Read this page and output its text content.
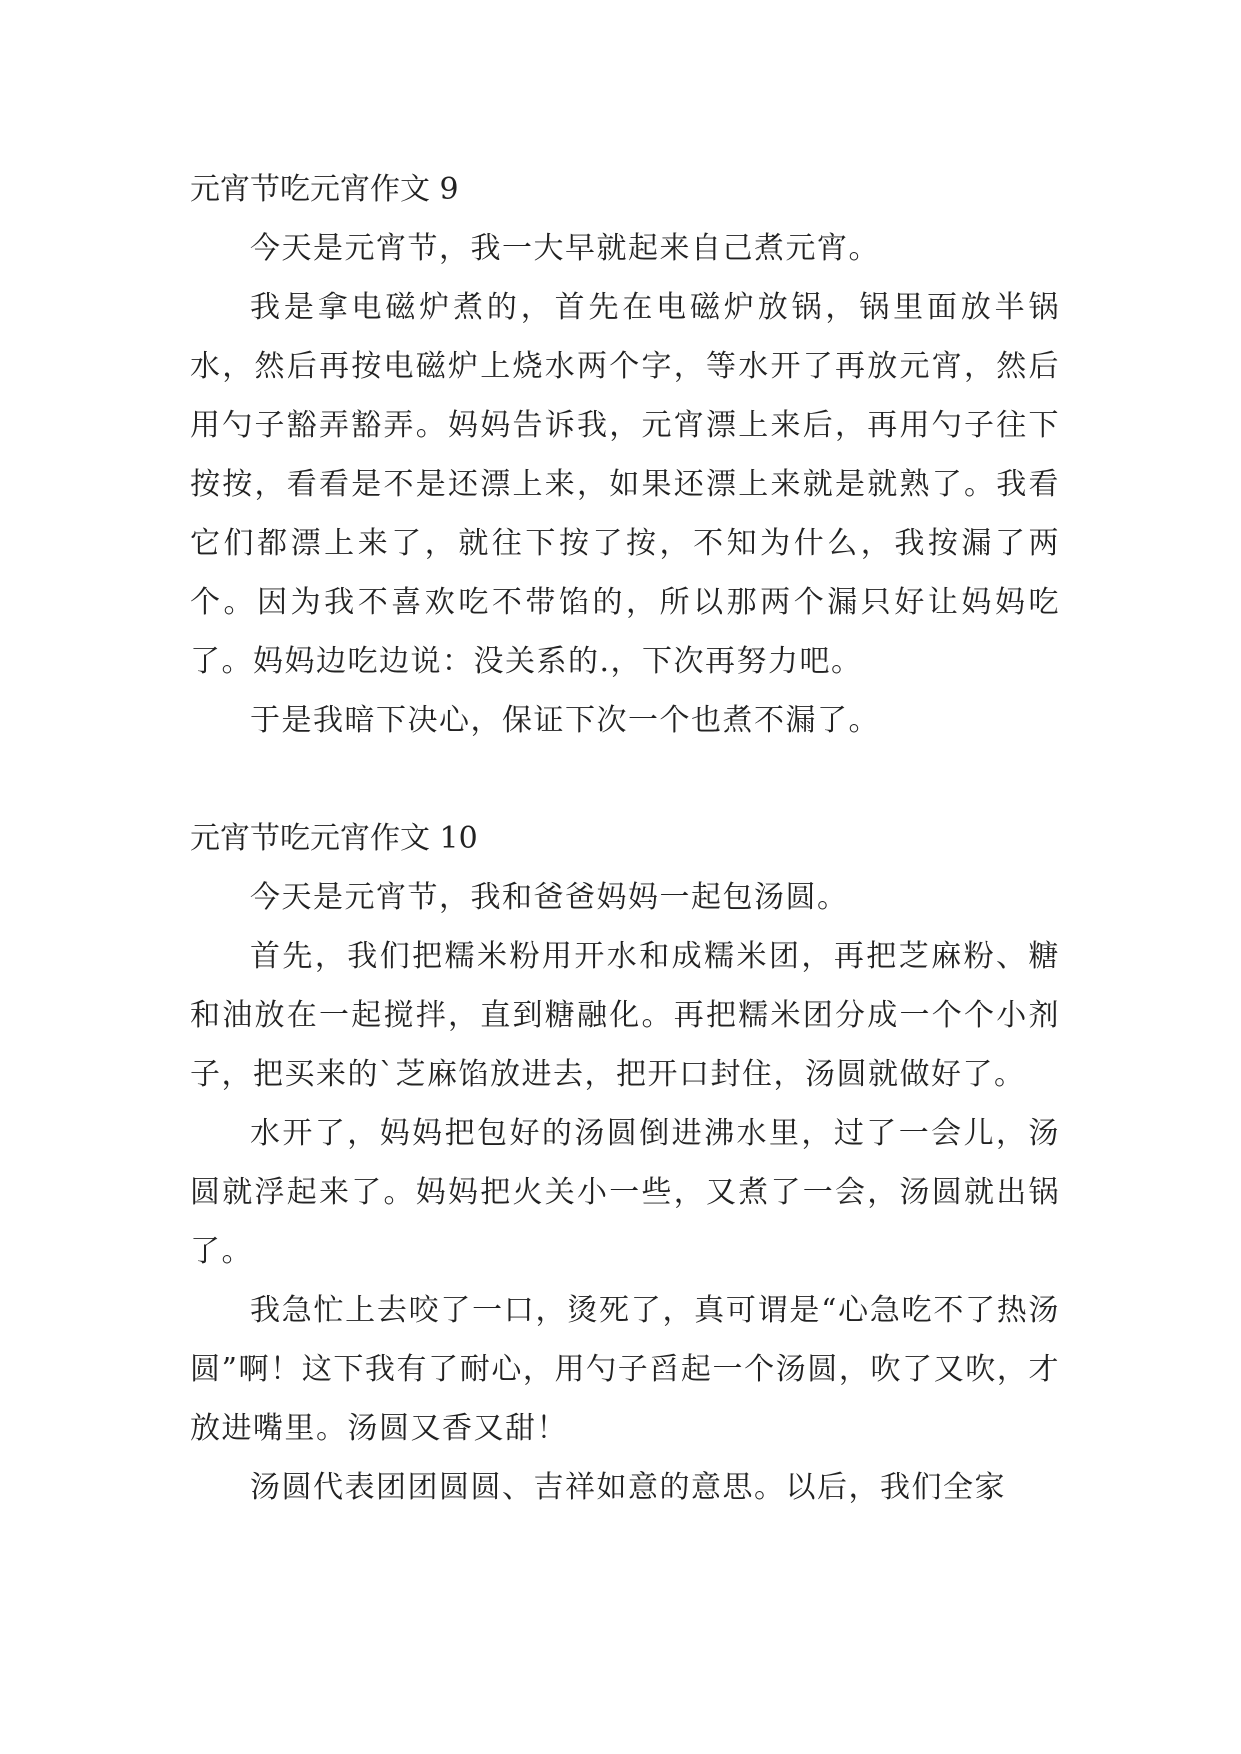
元宵节吃元宵作文 9

今天是元宵节，我一大早就起来自己煮元宵。

我是拿电磁炉煮的，首先在电磁炉放锅，锅里面放半锅水，然后再按电磁炉上烧水两个字，等水开了再放元宵，然后用勺子豁弄豁弄。妈妈告诉我，元宵漂上来后，再用勺子往下按按，看看是不是还漂上来，如果还漂上来就是就熟了。我看它们都漂上来了，就往下按了按，不知为什么，我按漏了两个。因为我不喜欢吃不带馅的，所以那两个漏只好让妈妈吃了。妈妈边吃边说：没关系的.，下次再努力吧。

于是我暗下决心，保证下次一个也煮不漏了。

元宵节吃元宵作文 10

今天是元宵节，我和爸爸妈妈一起包汤圆。

首先，我们把糯米粉用开水和成糯米团，再把芝麻粉、糖和油放在一起搅拌，直到糖融化。再把糯米团分成一个个小剂子，把买来的`芝麻馅放进去，把开口封住，汤圆就做好了。

水开了，妈妈把包好的汤圆倒进沸水里，过了一会儿，汤圆就浮起来了。妈妈把火关小一些，又煮了一会，汤圆就出锅了。

我急忙上去咬了一口，烫死了，真可谓是“心急吃不了热汤圆”啊！这下我有了耐心，用勺子舀起一个汤圆，吹了又吹，才放进嘴里。汤圆又香又甜！

汤圆代表团团圆圆、吉祥如意的意思。以后，我们全家
